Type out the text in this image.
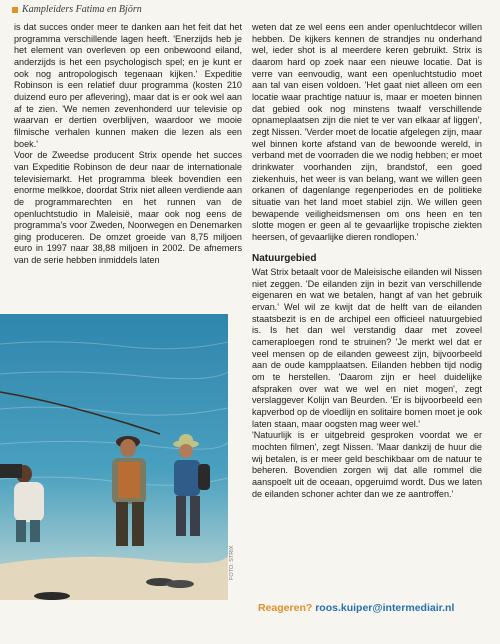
Kampleiders Fatima en Björn

is dat succes onder meer te danken aan het feit dat het programma verschillende lagen heeft. 'Enerzijds heb je het element van overleven op een onbewoond eiland, anderzijds is het een psychologisch spel; en je kunt er ook nog antropologisch tegenaan kijken.' Expeditie Robinson is een relatief duur programma (kosten 210 duizend euro per aflevering), maar dat is er ook wel aan af te zien. 'We nemen zevenhonderd uur televisie op waarvan er dertien overblijven, waardoor we mooie filmische verhalen kunnen maken die lezen als een boek.'

Voor de Zweedse producent Strix opende het succes van Expeditie Robinson de deur naar de internationale televisiemarkt. Het programma bleek bovendien een enorme melkkoe, doordat Strix niet alleen verdiende aan de programmarechten en het runnen van de openluchtstudio in Maleisië, maar ook nog eens de programma's voor Zweden, Noorwegen en Denemarken ging produceren. De omzet groeide van 8,75 miljoen euro in 1997 naar 38,88 miljoen in 2002. De afnemers van de serie hebben inmiddels laten

FOTO: STRIX

weten dat ze wel eens een ander openluchtdecor willen hebben. De kijkers kennen de strandjes nu onderhand wel, ieder shot is al meerdere keren gebruikt. Strix is daarom hard op zoek naar een nieuwe locatie. Dat is verre van eenvoudig, want een openluchtstudio moet aan tal van eisen voldoen. 'Het gaat niet alleen om een locatie waar prachtige natuur is, maar er moeten binnen dat gebied ook nog minstens twaalf verschillende opnameplaatsen zijn die niet te ver van elkaar af liggen', zegt Nissen. 'Verder moet de locatie afgelegen zijn, maar wel binnen korte afstand van de bewoonde wereld, in verband met de voorraden die we nodig hebben; er moet drinkwater voorhanden zijn, brandstof, een goed ziekenhuis, het weer is van belang, want we willen geen orkanen of dagenlange regenperiodes en de politieke situatie van het land moet stabiel zijn. We willen geen bewapende veiligheidsmensen om ons heen en ten slotte mogen er geen al te gevaarlijke tropische ziekten heersen, of gevaarlijke dieren rondlopen.'

Natuurgebied

Wat Strix betaalt voor de Maleisische eilanden wil Nissen niet zeggen. 'De eilanden zijn in bezit van verschillende eigenaren en wat we betalen, hangt af van het gebruik ervan.' Wel wil ze kwijt dat de helft van de eilanden staatsbezit is en de archipel een officieel natuurgebied is. Is het dan wel verstandig daar met zoveel cameraploegen rond te struinen? 'Je merkt wel dat er veel mensen op de eilanden geweest zijn, bijvoorbeeld aan de oude kampplaatsen. Eilanden hebben tijd nodig om te herstellen. 'Daarom zijn er heel duidelijke afspraken over wat we wel en niet mogen', zegt verslaggever Kolijn van Beurden. 'Er is bijvoorbeeld een kapverbod op de vloedlijn en solitaire bomen moet je ook laten staan, maar oogsten mag weer wel.'

'Natuurlijk is er uitgebreid gesproken voordat we er mochten filmen', zegt Nissen. 'Maar dankzij de huur die wij betalen, is er meer geld beschikbaar om de natuur te beheren. Bovendien zorgen wij dat alle rommel die aanspoelt uit de oceaan, opgeruimd wordt. Dus we laten de eilanden schoner achter dan we ze aantroffen.'

Reageren? roos.kuiper@intermediair.nl
